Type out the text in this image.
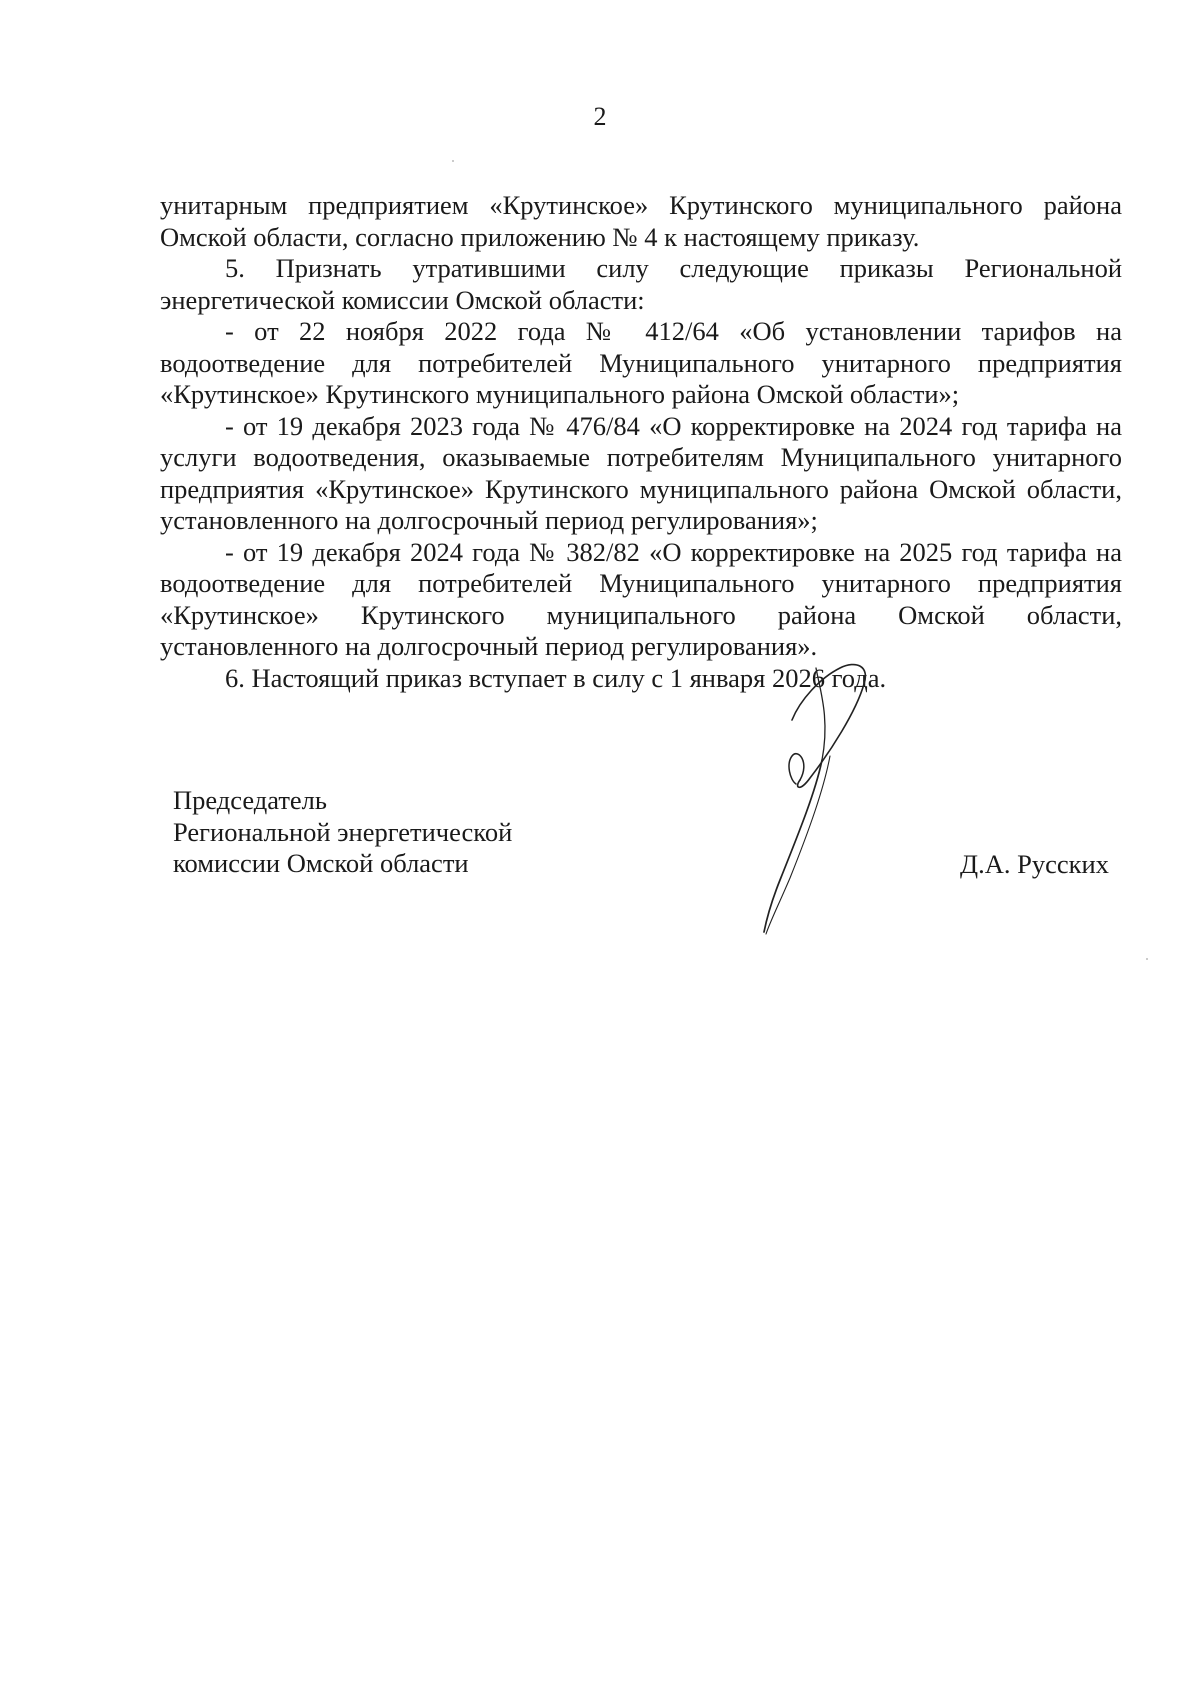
2

унитарным предприятием «Крутинское» Крутинского муниципального района Омской области, согласно приложению № 4 к настоящему приказу.

5. Признать утратившими силу следующие приказы Региональной энергетической комиссии Омской области:

- от 22 ноября 2022 года № 412/64 «Об установлении тарифов на водоотведение для потребителей Муниципального унитарного предприятия «Крутинское» Крутинского муниципального района Омской области»;

- от 19 декабря 2023 года № 476/84 «О корректировке на 2024 год тарифа на услуги водоотведения, оказываемые потребителям Муниципального унитарного предприятия «Крутинское» Крутинского муниципального района Омской области, установленного на долгосрочный период регулирования»;

- от 19 декабря 2024 года № 382/82 «О корректировке на 2025 год тарифа на водоотведение для потребителей Муниципального унитарного предприятия «Крутинское» Крутинского муниципального района Омской области, установленного на долгосрочный период регулирования».

6. Настоящий приказ вступает в силу с 1 января 2026 года.

Председатель
Региональной энергетической
комиссии Омской области	Д.А. Русских
